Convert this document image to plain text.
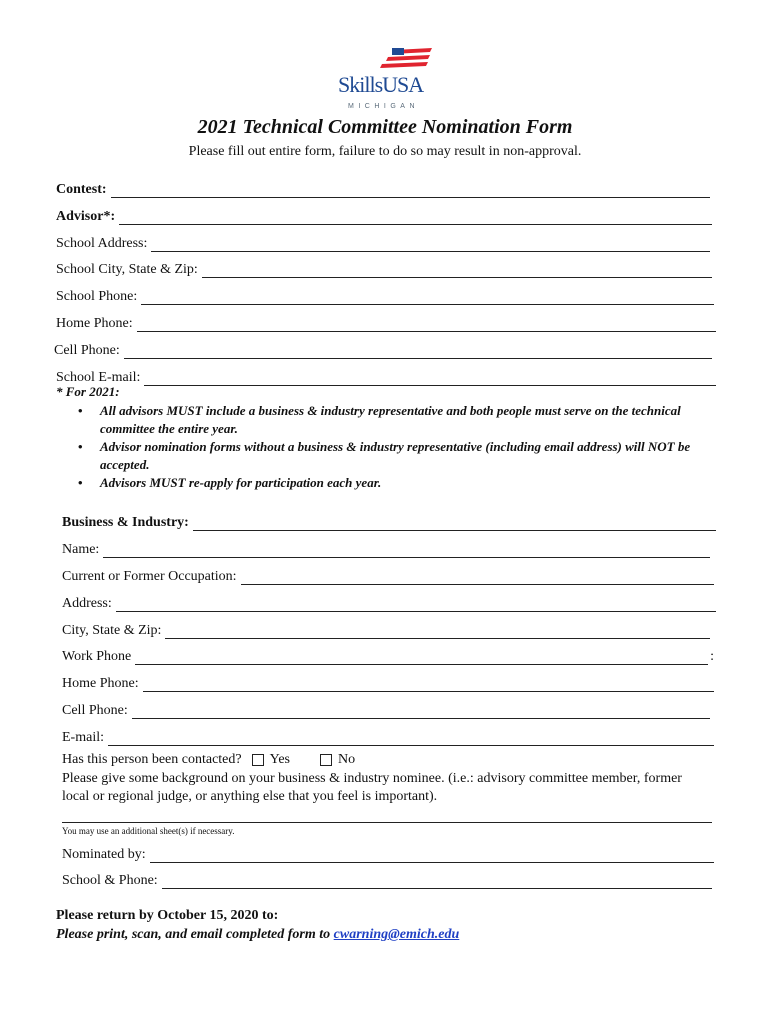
SkillsUSA
MICHIGAN
2021 Technical Committee Nomination Form
Please fill out entire form, failure to do so may result in non-approval.
Contest:
Advisor*:
School Address:
School City, State & Zip:
School Phone:
Home Phone:
Cell Phone:
School E-mail:
* For 2021:
• All advisors MUST include a business & industry representative and both people must serve on the technical committee the entire year.
• Advisor nomination forms without a business & industry representative (including email address) will NOT be accepted.
• Advisors MUST re-apply for participation each year.
Business & Industry:
Name:
Current or Former Occupation:
Address:
City, State & Zip:
Work Phone	:
Home Phone:
Cell Phone:
E-mail:
Has this person been contacted? Yes	No
Please give some background on your business & industry nominee. (i.e.: advisory committee member, former local or regional judge, or anything else that you feel is important).
You may use an additional sheet(s) if necessary.
Nominated by:
School & Phone:
Please return by October 15, 2020 to:
Please print, scan, and email completed form to cwarning@emich.edu
